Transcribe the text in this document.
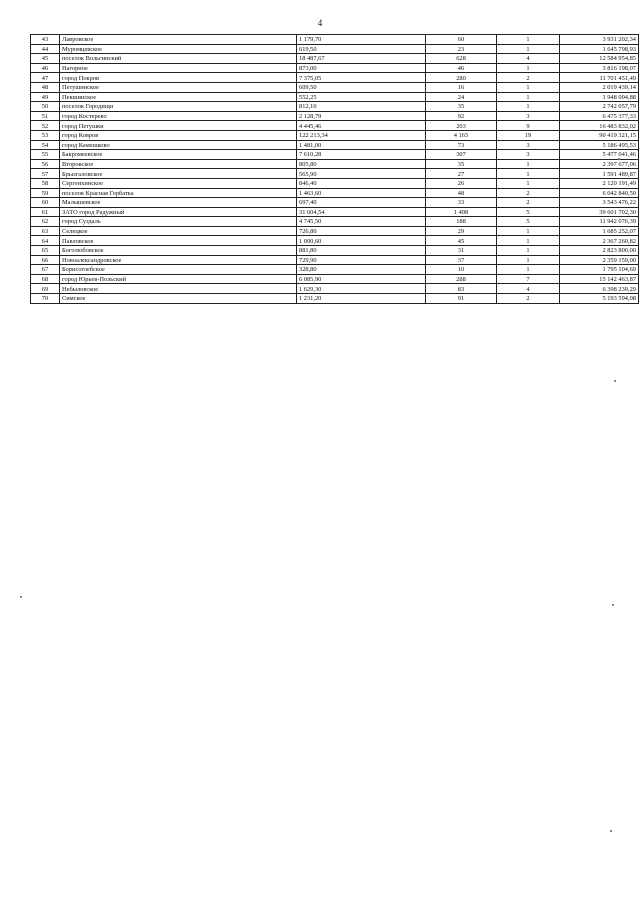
4
43	Лавровское	1 179,70	60	1	3 931 202,34
44	Муромцевское	619,50	23	1	1 645 798,93
45	поселок Вольгинский	18 487,67	628	4	12 584 954,85
46	Нагорное	873,00	46	1	3 816 198,07
47	город Покров	7 375,05	280	2	11 701 451,49
48	Петушинское	609,50	16	1	2 019 439,14
49	Пекшинское	552,25	24	1	1 948 004,88
50	поселок Городищи	812,10	35	1	2 742 057,79
51	город Костерево	2 128,79	92	3	6 475 377,33
52	город Петушки	4 445,46	203	9	16 483 832,02
53	город Ковров	122 213,34	4 165	19	90 419 321,15
54	город Камешково	1 481,00	73	3	5 186 495,53
55	Бакромеевское	7 610,28	307	3	5 477 041,46
56	Второвское	805,80	35	1	2 397 677,06
57	Брызгаловское	565,90	27	1	1 591 489,87
58	Сергеихинское	846,40	26	1	2 120 191,49
59	поселок Красная Горбатка	1 463,60	48	2	6 042 840,50
60	Малышевское	697,40	33	2	3 543 476,22
61	ЗАТО город Радужный	31 604,54	1 498	5	39 601 702,30
62	город Суздаль	4 745,50	188	5	11 942 076,39
63	Селецкое	726,80	29	1	1 685 252,07
64	Павловское	1 000,60	45	1	2 367 260,82
65	Боголюбовское	881,80	31	1	2 823 800,00
66	Новоалександровское	729,90	37	1	2 359 159,00
67	Борисоглебское	328,80	10	1	1 795 104,69
68	город Юрьев-Польский	6 085,90	288	7	15 142 463,87
69	Небыловское	1 629,30	83	4	6 398 239,29
70	Симское	1 231,20	91	2	5 193 594,08
